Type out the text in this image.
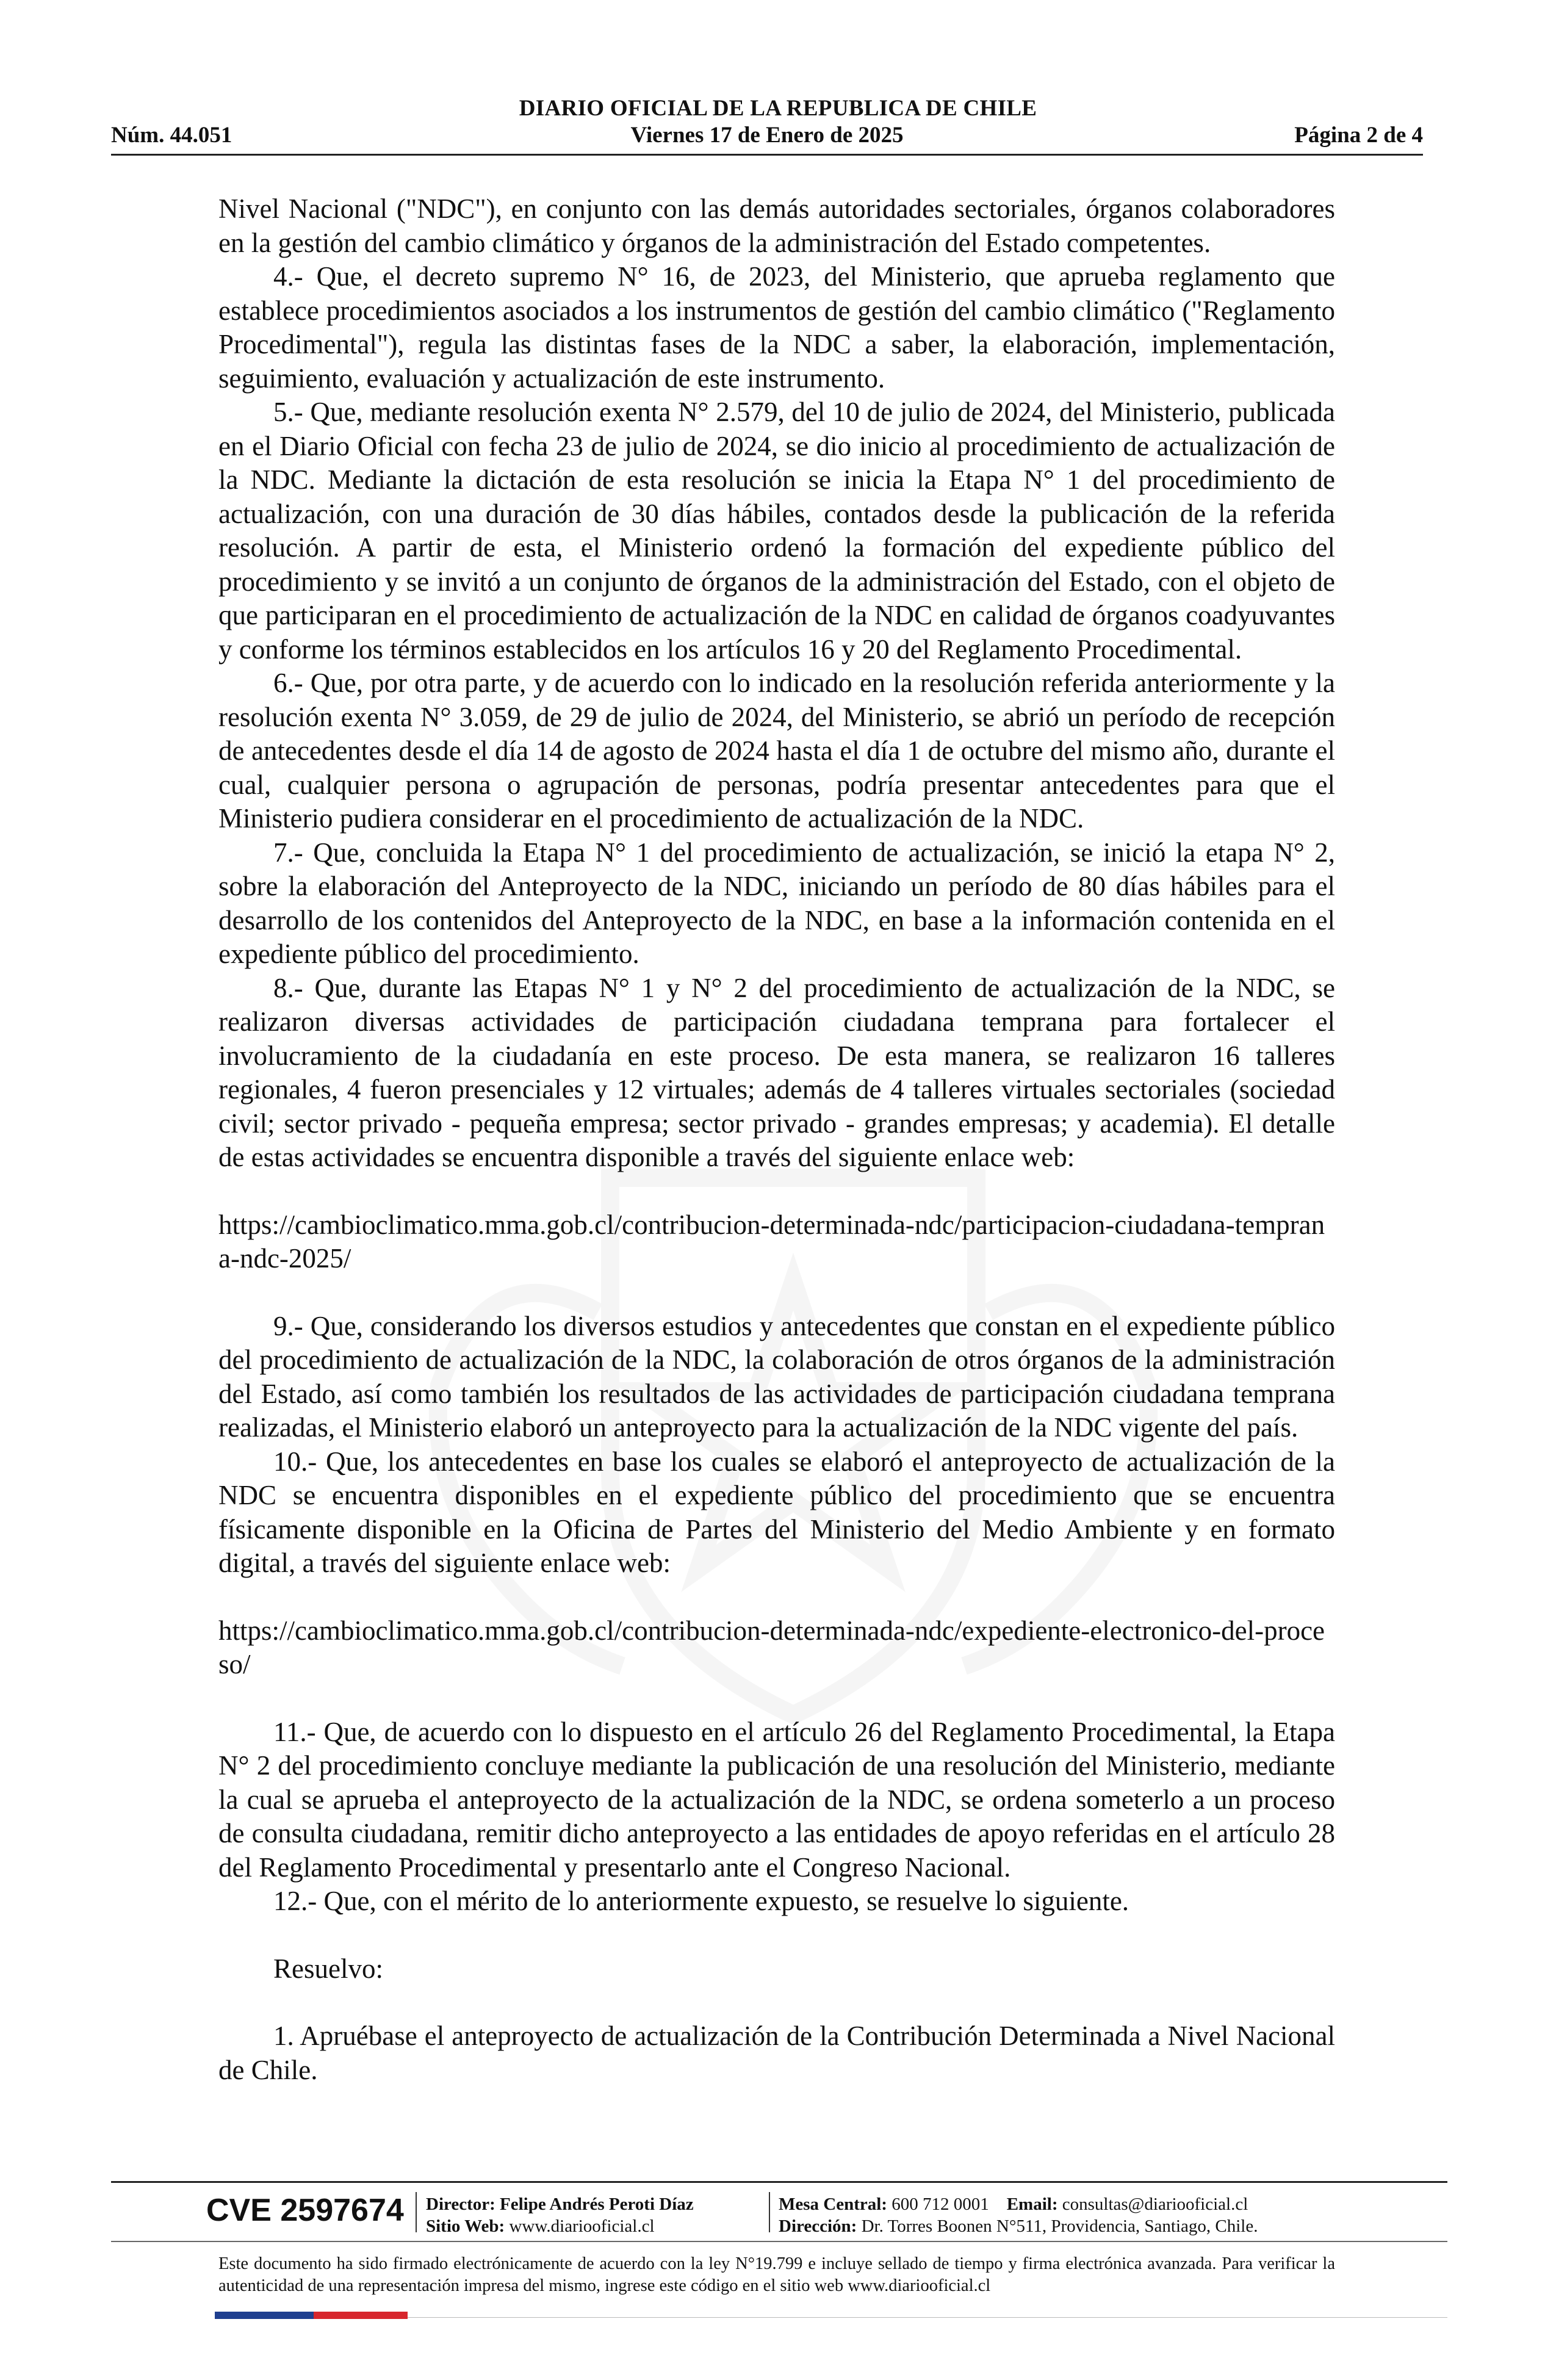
DIARIO OFICIAL DE LA REPUBLICA DE CHILE
Núm. 44.051	Viernes 17 de Enero de 2025	Página 2 de 4

Nivel Nacional ("NDC"), en conjunto con las demás autoridades sectoriales, órganos colaboradores en la gestión del cambio climático y órganos de la administración del Estado competentes.

4.- Que, el decreto supremo N° 16, de 2023, del Ministerio, que aprueba reglamento que establece procedimientos asociados a los instrumentos de gestión del cambio climático ("Reglamento Procedimental"), regula las distintas fases de la NDC a saber, la elaboración, implementación, seguimiento, evaluación y actualización de este instrumento.

5.- Que, mediante resolución exenta N° 2.579, del 10 de julio de 2024, del Ministerio, publicada en el Diario Oficial con fecha 23 de julio de 2024, se dio inicio al procedimiento de actualización de la NDC. Mediante la dictación de esta resolución se inicia la Etapa N° 1 del procedimiento de actualización, con una duración de 30 días hábiles, contados desde la publicación de la referida resolución. A partir de esta, el Ministerio ordenó la formación del expediente público del procedimiento y se invitó a un conjunto de órganos de la administración del Estado, con el objeto de que participaran en el procedimiento de actualización de la NDC en calidad de órganos coadyuvantes y conforme los términos establecidos en los artículos 16 y 20 del Reglamento Procedimental.

6.- Que, por otra parte, y de acuerdo con lo indicado en la resolución referida anteriormente y la resolución exenta N° 3.059, de 29 de julio de 2024, del Ministerio, se abrió un período de recepción de antecedentes desde el día 14 de agosto de 2024 hasta el día 1 de octubre del mismo año, durante el cual, cualquier persona o agrupación de personas, podría presentar antecedentes para que el Ministerio pudiera considerar en el procedimiento de actualización de la NDC.

7.- Que, concluida la Etapa N° 1 del procedimiento de actualización, se inició la etapa N° 2, sobre la elaboración del Anteproyecto de la NDC, iniciando un período de 80 días hábiles para el desarrollo de los contenidos del Anteproyecto de la NDC, en base a la información contenida en el expediente público del procedimiento.

8.- Que, durante las Etapas N° 1 y N° 2 del procedimiento de actualización de la NDC, se realizaron diversas actividades de participación ciudadana temprana para fortalecer el involucramiento de la ciudadanía en este proceso. De esta manera, se realizaron 16 talleres regionales, 4 fueron presenciales y 12 virtuales; además de 4 talleres virtuales sectoriales (sociedad civil; sector privado - pequeña empresa; sector privado - grandes empresas; y academia). El detalle de estas actividades se encuentra disponible a través del siguiente enlace web:

https://cambioclimatico.mma.gob.cl/contribucion-determinada-ndc/participacion-ciudadana-temprana-ndc-2025/

9.- Que, considerando los diversos estudios y antecedentes que constan en el expediente público del procedimiento de actualización de la NDC, la colaboración de otros órganos de la administración del Estado, así como también los resultados de las actividades de participación ciudadana temprana realizadas, el Ministerio elaboró un anteproyecto para la actualización de la NDC vigente del país.

10.- Que, los antecedentes en base los cuales se elaboró el anteproyecto de actualización de la NDC se encuentra disponibles en el expediente público del procedimiento que se encuentra físicamente disponible en la Oficina de Partes del Ministerio del Medio Ambiente y en formato digital, a través del siguiente enlace web:

https://cambioclimatico.mma.gob.cl/contribucion-determinada-ndc/expediente-electronico-del-proceso/

11.- Que, de acuerdo con lo dispuesto en el artículo 26 del Reglamento Procedimental, la Etapa N° 2 del procedimiento concluye mediante la publicación de una resolución del Ministerio, mediante la cual se aprueba el anteproyecto de la actualización de la NDC, se ordena someterlo a un proceso de consulta ciudadana, remitir dicho anteproyecto a las entidades de apoyo referidas en el artículo 28 del Reglamento Procedimental y presentarlo ante el Congreso Nacional.

12.- Que, con el mérito de lo anteriormente expuesto, se resuelve lo siguiente.

Resuelvo:

1. Apruébase el anteproyecto de actualización de la Contribución Determinada a Nivel Nacional de Chile.

CVE 2597674 Director: Felipe Andrés Peroti Díaz
Sitio Web: www.diariooficial.cl
Mesa Central: 600 712 0001 Email: consultas@diariooficial.cl
Dirección: Dr. Torres Boonen N°511, Providencia, Santiago, Chile.
Este documento ha sido firmado electrónicamente de acuerdo con la ley N°19.799 e incluye sellado de tiempo y firma electrónica avanzada. Para verificar la autenticidad de una representación impresa del mismo, ingrese este código en el sitio web www.diariooficial.cl
